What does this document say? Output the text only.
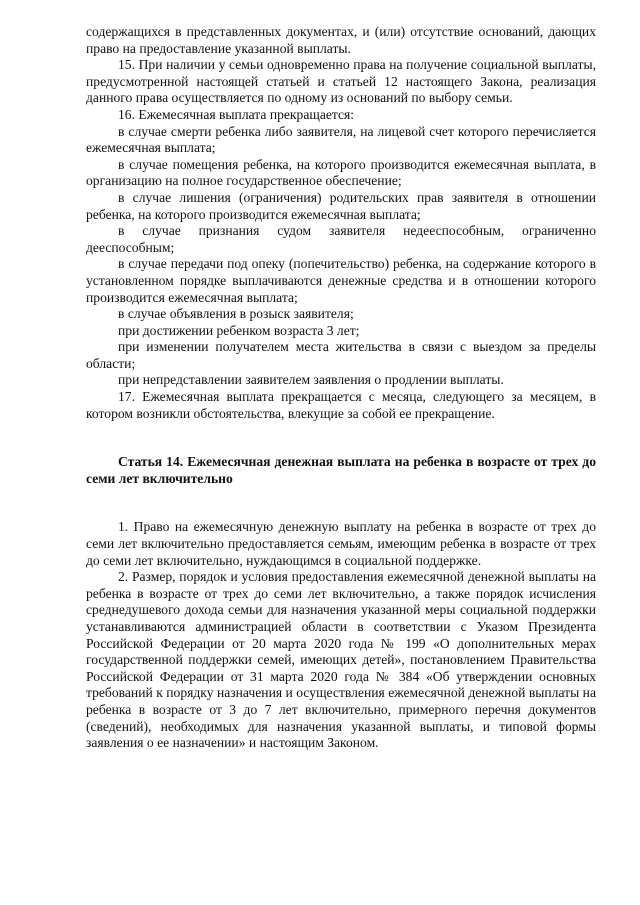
содержащихся в представленных документах, и (или) отсутствие оснований, дающих право на предоставление указанной выплаты.

15. При наличии у семьи одновременно права на получение социальной выплаты, предусмотренной настоящей статьей и статьей 12 настоящего Закона, реализация данного права осуществляется по одному из оснований по выбору семьи.

16. Ежемесячная выплата прекращается:

в случае смерти ребенка либо заявителя, на лицевой счет которого перечисляется ежемесячная выплата;

в случае помещения ребенка, на которого производится ежемесячная выплата, в организацию на полное государственное обеспечение;

в случае лишения (ограничения) родительских прав заявителя в отношении ребенка, на которого производится ежемесячная выплата;

в случае признания судом заявителя недееспособным, ограниченно дееспособным;

в случае передачи под опеку (попечительство) ребенка, на содержание которого в установленном порядке выплачиваются денежные средства и в отношении которого производится ежемесячная выплата;

в случае объявления в розыск заявителя;

при достижении ребенком возраста 3 лет;

при изменении получателем места жительства в связи с выездом за пределы области;

при непредставлении заявителем заявления о продлении выплаты.

17. Ежемесячная выплата прекращается с месяца, следующего за месяцем, в котором возникли обстоятельства, влекущие за собой ее прекращение.

Статья 14. Ежемесячная денежная выплата на ребенка в возрасте от трех до семи лет включительно

1. Право на ежемесячную денежную выплату на ребенка в возрасте от трех до семи лет включительно предоставляется семьям, имеющим ребенка в возрасте от трех до семи лет включительно, нуждающимся в социальной поддержке.

2. Размер, порядок и условия предоставления ежемесячной денежной выплаты на ребенка в возрасте от трех до семи лет включительно, а также порядок исчисления среднедушевого дохода семьи для назначения указанной меры социальной поддержки устанавливаются администрацией области в соответствии с Указом Президента Российской Федерации от 20 марта 2020 года № 199 «О дополнительных мерах государственной поддержки семей, имеющих детей», постановлением Правительства Российской Федерации от 31 марта 2020 года № 384 «Об утверждении основных требований к порядку назначения и осуществления ежемесячной денежной выплаты на ребенка в возрасте от 3 до 7 лет включительно, примерного перечня документов (сведений), необходимых для назначения указанной выплаты, и типовой формы заявления о ее назначении» и настоящим Законом.
